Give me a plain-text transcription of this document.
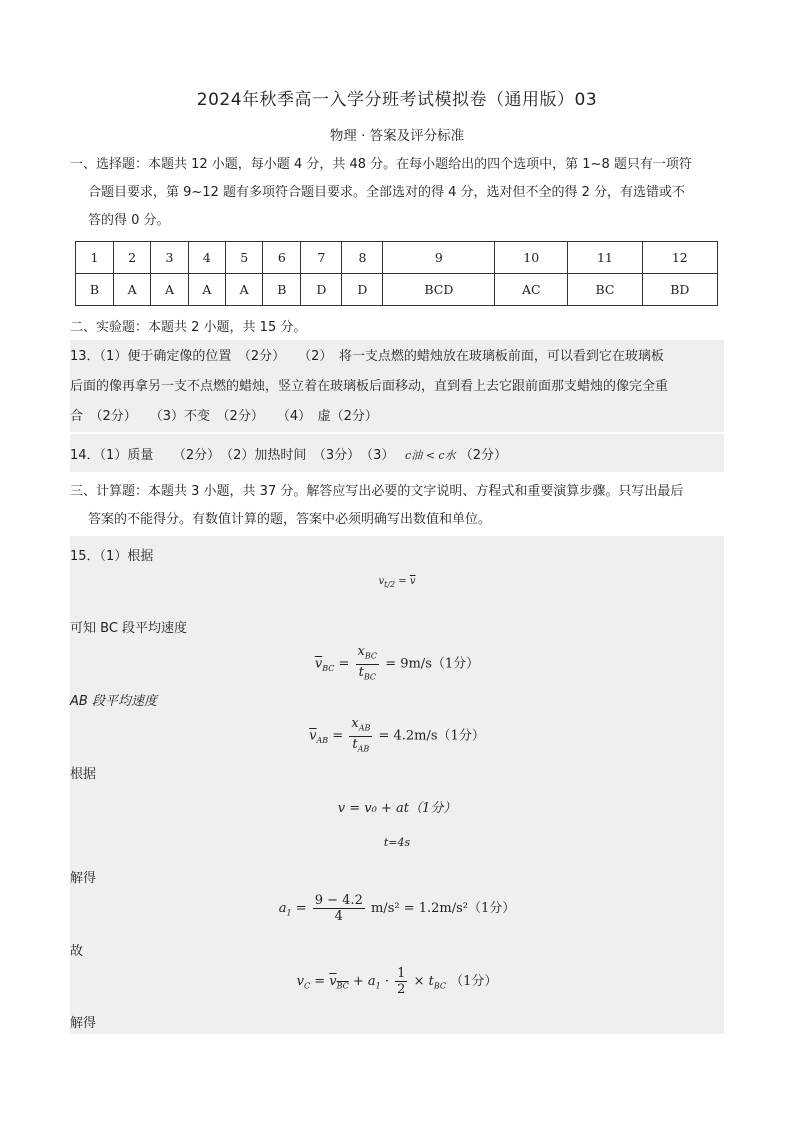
2024年秋季高一入学分班考试模拟卷（通用版）03
物理 · 答案及评分标准
一、选择题：本题共 12 小题，每小题 4 分，共 48 分。在每小题给出的四个选项中，第 1~8 题只有一项符
合题目要求，第 9~12 题有多项符合题目要求。全部选对的得 4 分，选对但不全的得 2 分，有选错或不
答的得 0 分。
1	2	3	4	5	6	7	8	9	10	11	12
B	A	A	A	A	B	D	D	BCD	AC	BC	BD
二、实验题：本题共 2 小题，共 15 分。
13．（1）便于确定像的位置　（2分）　　（2）　将一支点燃的蜡烛放在玻璃板前面，可以看到它在玻璃板
后面的像再拿另一支不点燃的蜡烛，竖立着在玻璃板后面移动，直到看上去它跟前面那支蜡烛的像完全重
合　（2分）　　（3）不变　（2分）　　（4）　虚（2分）
14．（1）质量　　（2分）　（2）加热时间　（3分）　（3）　 c油 < c水 （2分）
三、计算题：本题共 3 小题，共 37 分。解答应写出必要的文字说明、方程式和重要演算步骤。只写出最后
答案的不能得分。有数值计算的题，答案中必须明确写出数值和单位。
15．（1）根据
$v_{t/2} = \overline{v}$
可知 BC 段平均速度
$\overline{v}_{BC} = \frac{x_{BC}}{t_{BC}} = 9m/s(1$分）
AB 段平均速度
$\overline{v}_{AB} = \frac{x_{AB}}{t_{AB}} = 4.2m/s(1$分）
根据
v = v₀ + at（1分）
t=4s
解得
$a_1 = \frac{9 - 4.2}{4} m/s^2 = 1.2m/s^2(1$分）
故
$v_C = v_{BC} + a_1 \cdot \frac{1}{2} \times t_{BC}$ （1分）
解得
